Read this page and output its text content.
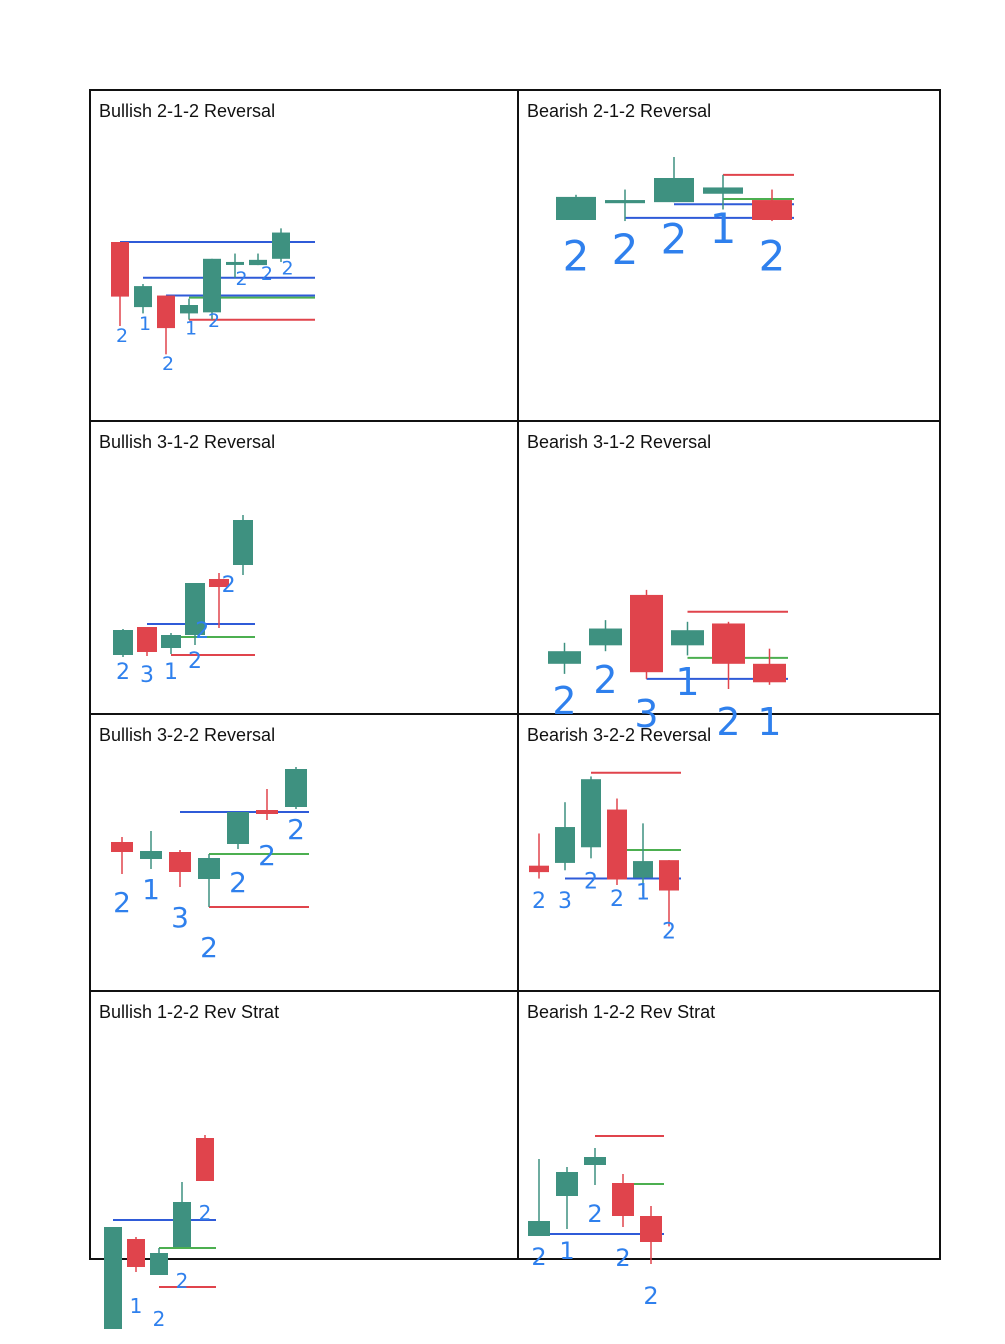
Bullish 2-1-2 Reversal
2
1
2
1 2
2 2 2
Bearish 2-1-2 Reversal
2 2 2 1
2
Bullish 3-1-2 Reversal
2 3 1 2
2
2
Bearish 3-1-2 Reversal
2 2
3
1
2 1
Bullish 3-2-2 Reversal
2 1
3
2
2
2
2
Bearish 3-2-2 Reversal
2 3
2
2 1
2
Bullish 1-2-2 Rev Strat
1
2
2
2
Bearish 1-2-2 Rev Strat
2 1
2
2
2
